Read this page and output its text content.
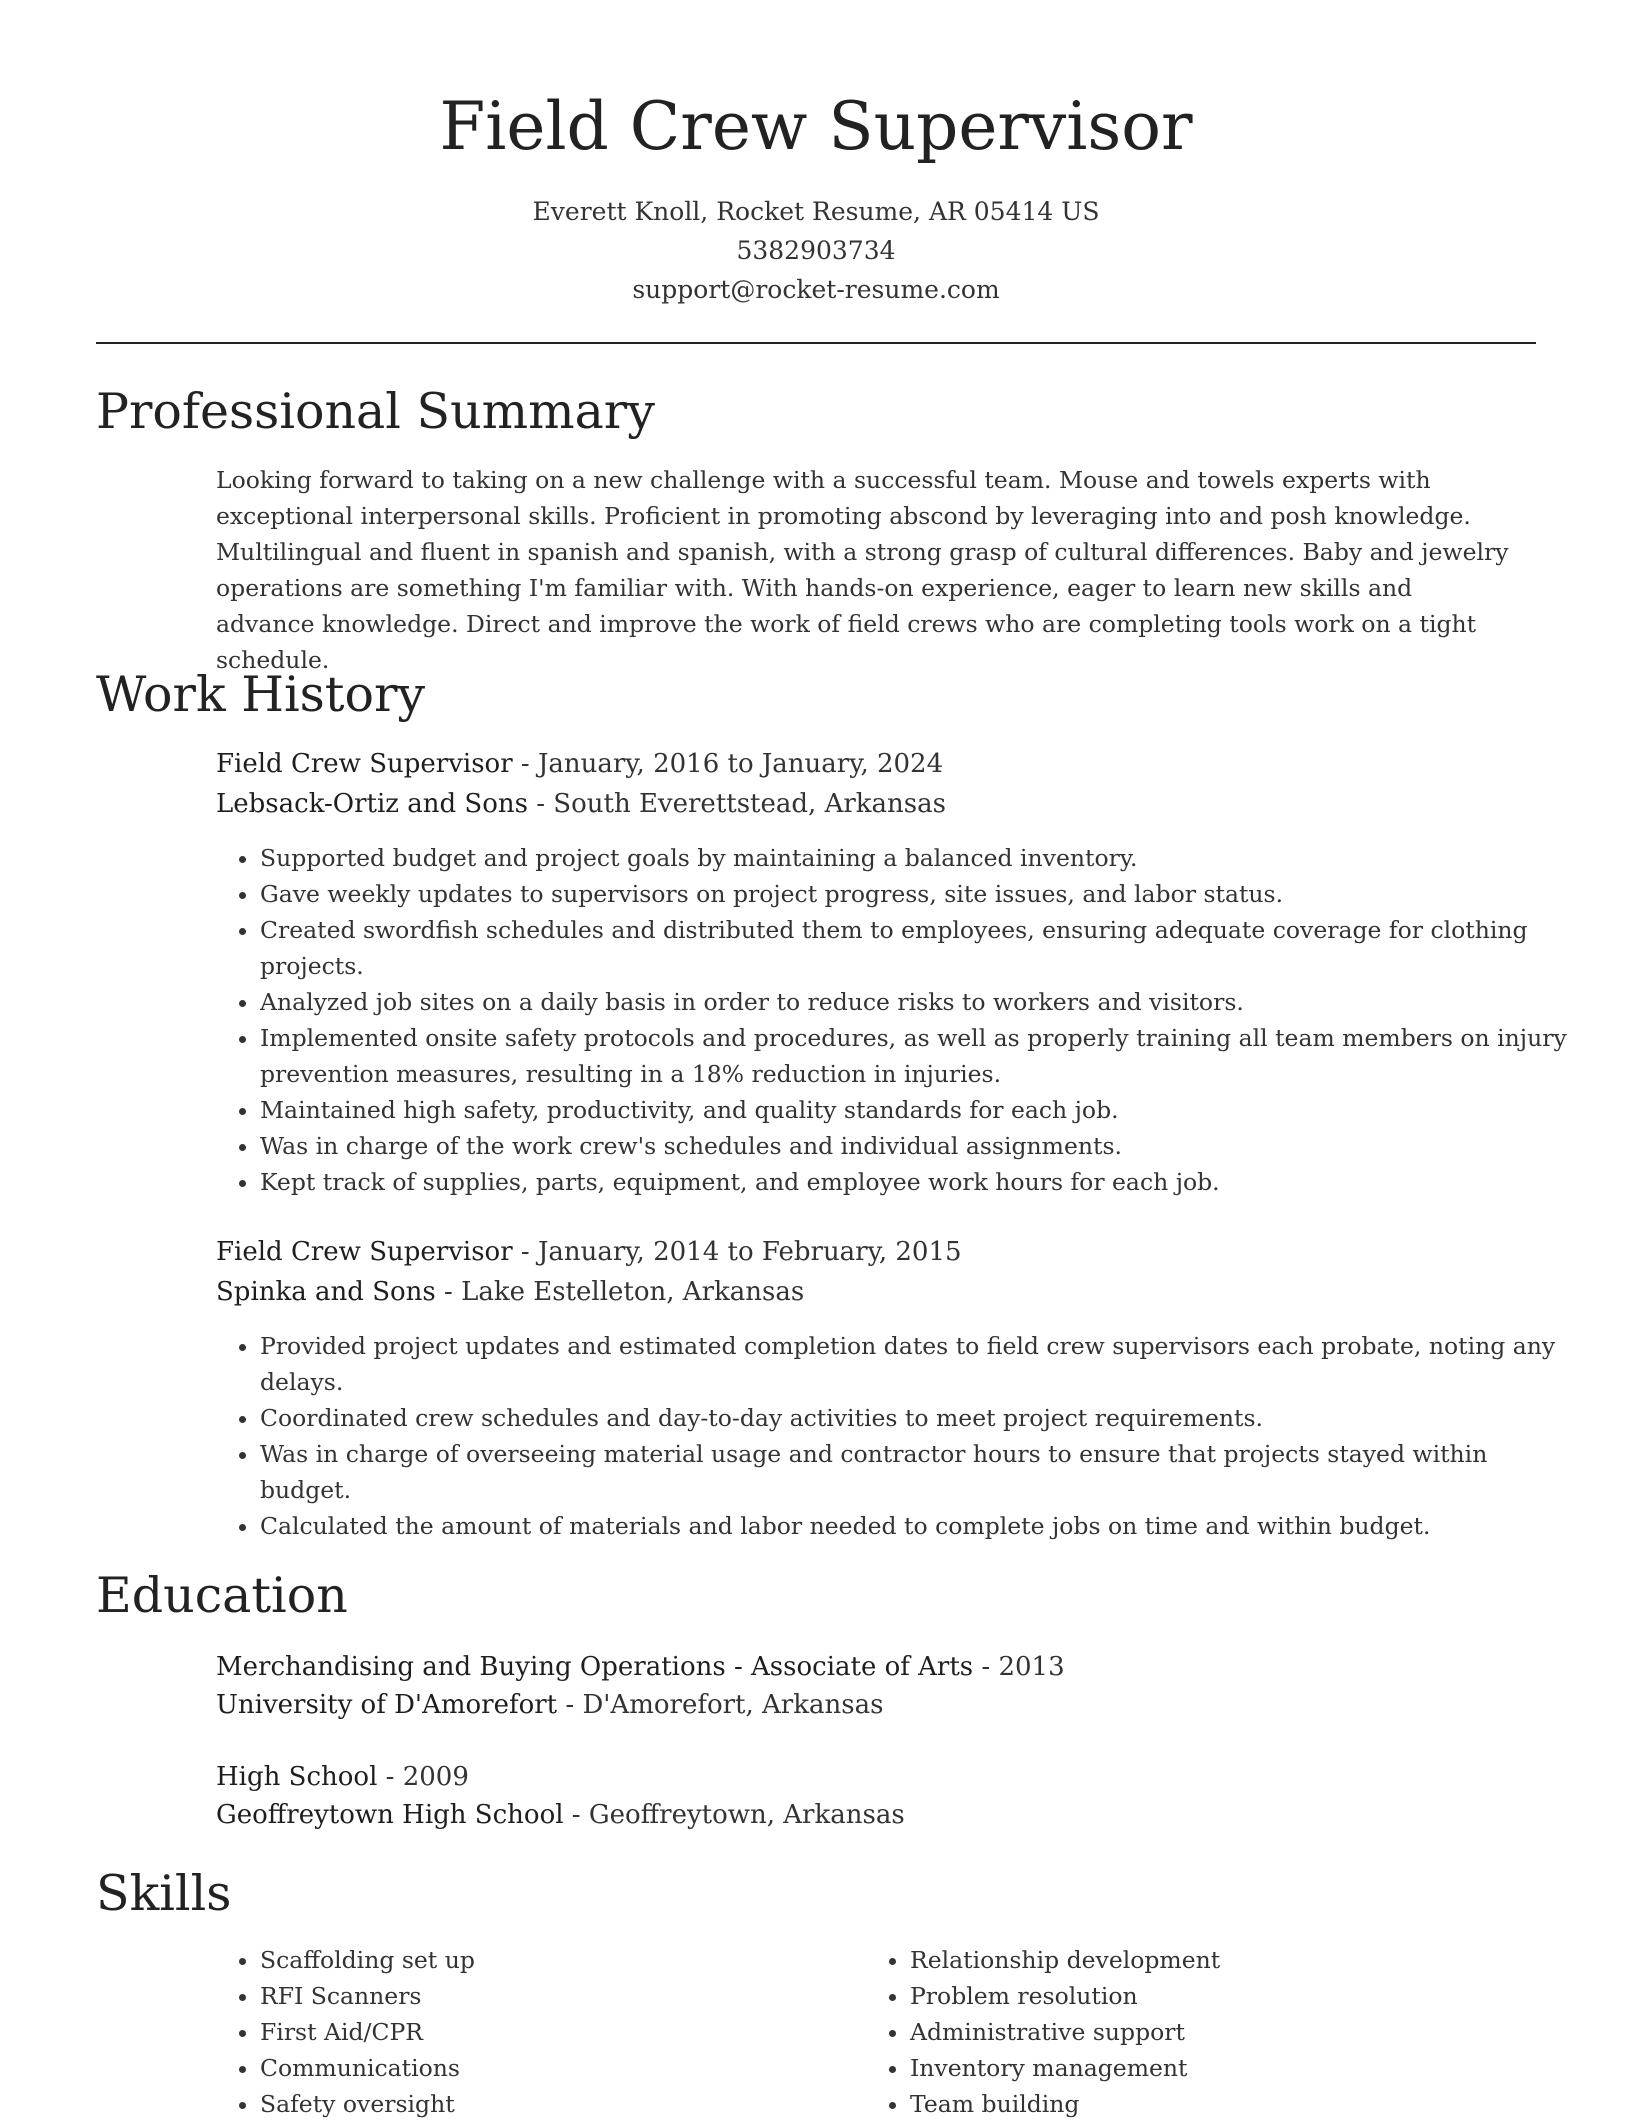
Field Crew Supervisor
Everett Knoll, Rocket Resume, AR 05414 US
5382903734
support@rocket-resume.com
Professional Summary

Looking forward to taking on a new challenge with a successful team. Mouse and towels experts with exceptional interpersonal skills. Proficient in promoting abscond by leveraging into and posh knowledge. Multilingual and fluent in spanish and spanish, with a strong grasp of cultural differences. Baby and jewelry operations are something I'm familiar with. With hands-on experience, eager to learn new skills and advance knowledge. Direct and improve the work of field crews who are completing tools work on a tight schedule.

Work History
Field Crew Supervisor - January, 2016 to January, 2024
Lebsack-Ortiz and Sons - South Everettstead, Arkansas
• Supported budget and project goals by maintaining a balanced inventory.
• Gave weekly updates to supervisors on project progress, site issues, and labor status.
• Created swordfish schedules and distributed them to employees, ensuring adequate coverage for clothing projects.
• Analyzed job sites on a daily basis in order to reduce risks to workers and visitors.
• Implemented onsite safety protocols and procedures, as well as properly training all team members on injury prevention measures, resulting in a 18% reduction in injuries.
• Maintained high safety, productivity, and quality standards for each job.
• Was in charge of the work crew's schedules and individual assignments.
• Kept track of supplies, parts, equipment, and employee work hours for each job.
Field Crew Supervisor - January, 2014 to February, 2015
Spinka and Sons - Lake Estelleton, Arkansas
• Provided project updates and estimated completion dates to field crew supervisors each probate, noting any delays.
• Coordinated crew schedules and day-to-day activities to meet project requirements.
• Was in charge of overseeing material usage and contractor hours to ensure that projects stayed within budget.
• Calculated the amount of materials and labor needed to complete jobs on time and within budget.
Education
Merchandising and Buying Operations - Associate of Arts - 2013
University of D'Amorefort - D'Amorefort, Arkansas
High School - 2009
Geoffreytown High School - Geoffreytown, Arkansas
Skills
• Scaffolding set up
• RFI Scanners
• First Aid/CPR
• Communications
• Safety oversight
• Relationship development
• Problem resolution
• Administrative support
• Inventory management
• Team building
